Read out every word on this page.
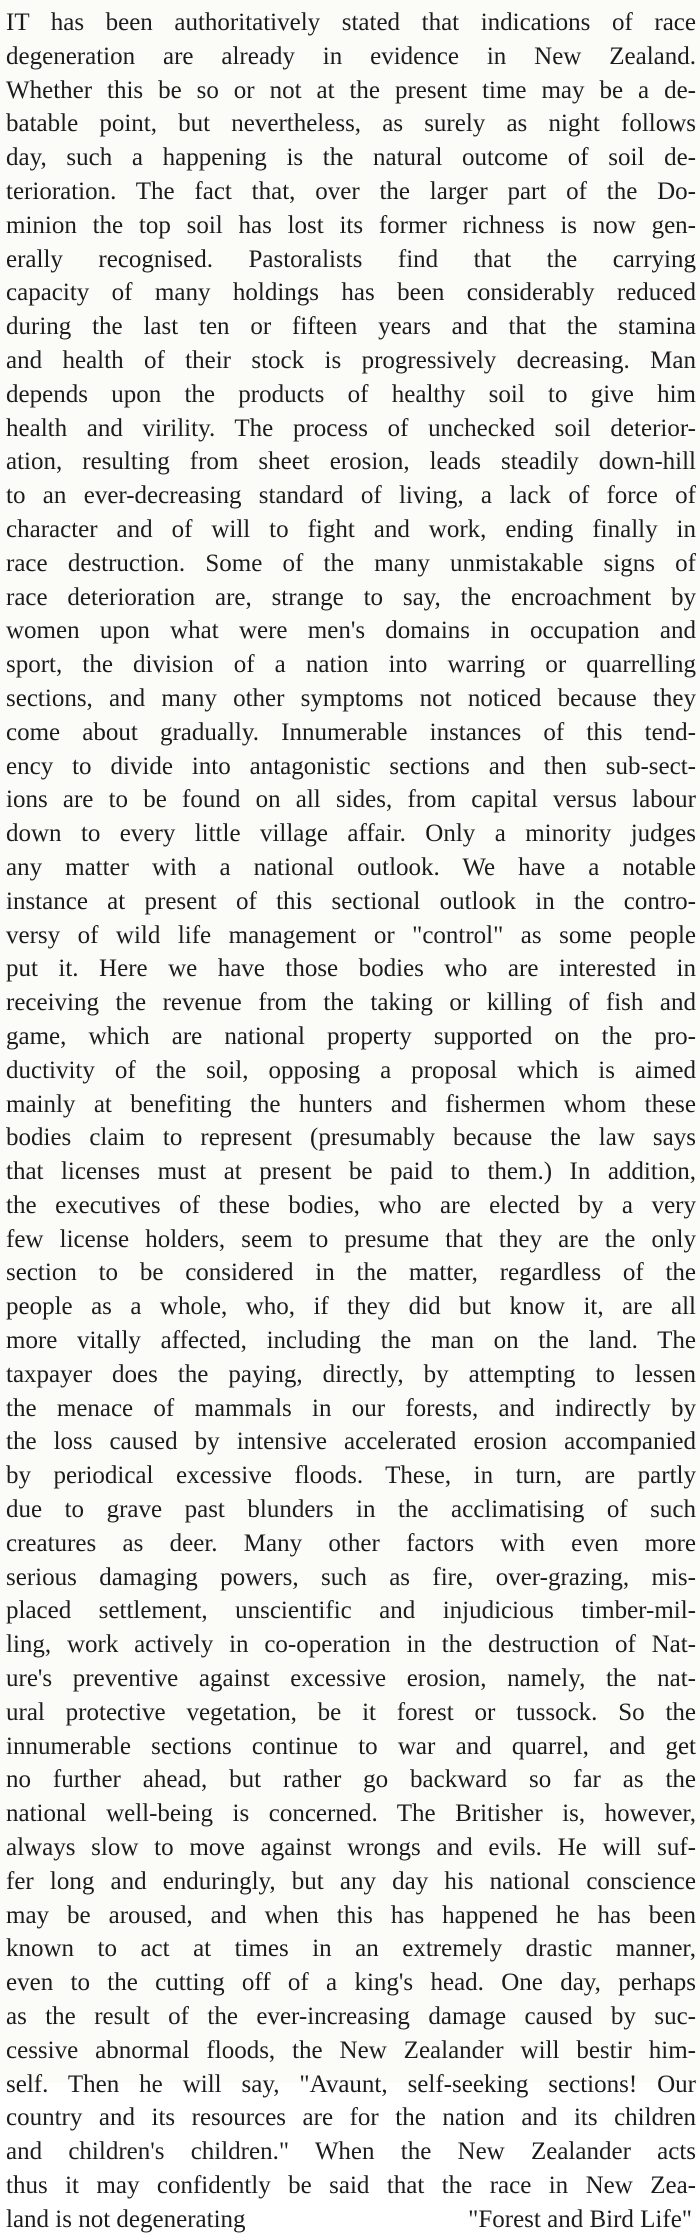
IT has been authoritatively stated that indications of race
degeneration are already in evidence in New Zealand.
Whether this be so or not at the present time may be a de-
batable point, but nevertheless, as surely as night follows
day, such a happening is the natural outcome of soil de-
terioration. The fact that, over the larger part of the Do-
minion the top soil has lost its former richness is now gen-
erally recognised. Pastoralists find that the carrying
capacity of many holdings has been considerably reduced
during the last ten or fifteen years and that the stamina
and health of their stock is progressively decreasing. Man
depends upon the products of healthy soil to give him
health and virility. The process of unchecked soil deterior-
ation, resulting from sheet erosion, leads steadily down-hill
to an ever-decreasing standard of living, a lack of force of
character and of will to fight and work, ending finally in
race destruction. Some of the many unmistakable signs of
race deterioration are, strange to say, the encroachment by
women upon what were men's domains in occupation and
sport, the division of a nation into warring or quarrelling
sections, and many other symptoms not noticed because they
come about gradually. Innumerable instances of this tend-
ency to divide into antagonistic sections and then sub-sect-
ions are to be found on all sides, from capital versus labour
down to every little village affair. Only a minority judges
any matter with a national outlook. We have a notable
instance at present of this sectional outlook in the contro-
versy of wild life management or "control" as some people
put it. Here we have those bodies who are interested in
receiving the revenue from the taking or killing of fish and
game, which are national property supported on the pro-
ductivity of the soil, opposing a proposal which is aimed
mainly at benefiting the hunters and fishermen whom these
bodies claim to represent (presumably because the law says
that licenses must at present be paid to them.) In addition,
the executives of these bodies, who are elected by a very
few license holders, seem to presume that they are the only
section to be considered in the matter, regardless of the
people as a whole, who, if they did but know it, are all
more vitally affected, including the man on the land. The
taxpayer does the paying, directly, by attempting to lessen
the menace of mammals in our forests, and indirectly by
the loss caused by intensive accelerated erosion accompanied
by periodical excessive floods. These, in turn, are partly
due to grave past blunders in the acclimatising of such
creatures as deer. Many other factors with even more
serious damaging powers, such as fire, over-grazing, mis-
placed settlement, unscientific and injudicious timber-mil-
ling, work actively in co-operation in the destruction of Nat-
ure's preventive against excessive erosion, namely, the nat-
ural protective vegetation, be it forest or tussock. So the
innumerable sections continue to war and quarrel, and get
no further ahead, but rather go backward so far as the
national well-being is concerned. The Britisher is, however,
always slow to move against wrongs and evils. He will suf-
fer long and enduringly, but any day his national conscience
may be aroused, and when this has happened he has been
known to act at times in an extremely drastic manner,
even to the cutting off of a king's head. One day, perhaps
as the result of the ever-increasing damage caused by suc-
cessive abnormal floods, the New Zealander will bestir him-
self. Then he will say, "Avaunt, self-seeking sections! Our
country and its resources are for the nation and its children
and children's children." When the New Zealander acts
thus it may confidently be said that the race in New Zea-
land is not degenerating	"Forest and Bird Life"
